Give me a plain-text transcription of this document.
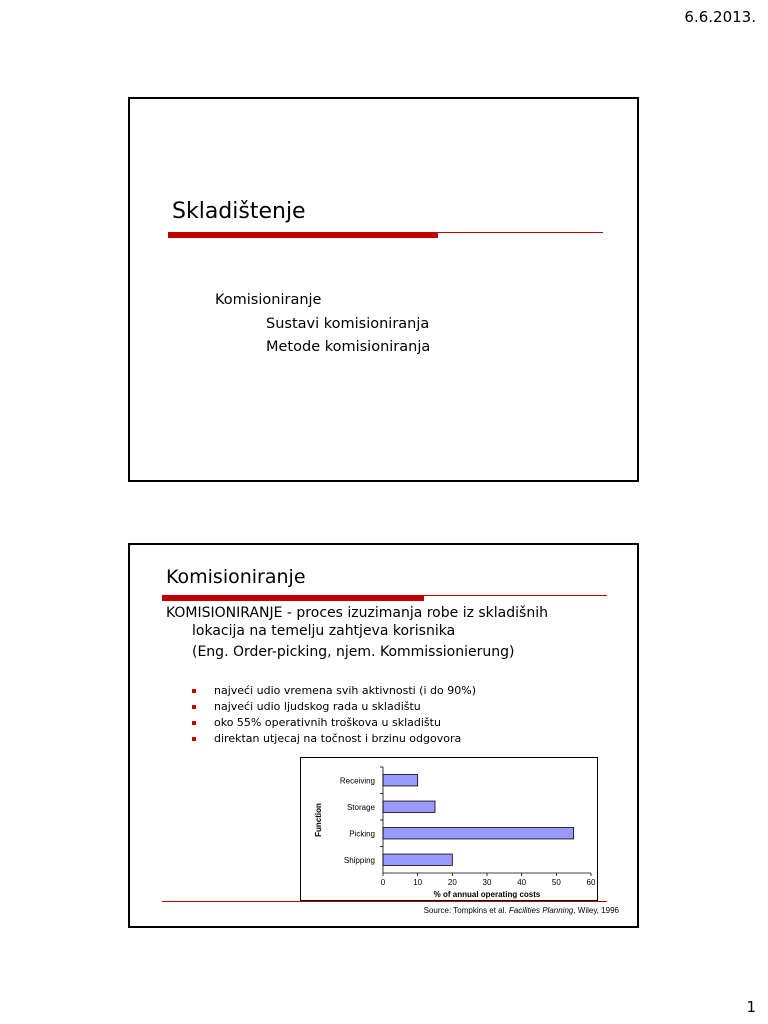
6.6.2013.
Skladištenje
Komisioniranje
Sustavi komisioniranja
Metode komisioniranja
Komisioniranje
KOMISIONIRANJE - proces izuzimanja robe iz skladišnih
lokacija na temelju zahtjeva korisnika
(Eng. Order-picking, njem. Kommissionierung)
najveći udio vremena svih aktivnosti (i do 90%)
najveći udio ljudskog rada u skladištu
oko 55% operativnih troškova u skladištu
direktan utjecaj na točnost i brzinu odgovora
Receiving
Storage
Picking
Shipping
0	10	20	30	40	50	60
% of annual operating costs
Function
Source: Tompkins et al. Facilities Planning, Wiley, 1996
1
